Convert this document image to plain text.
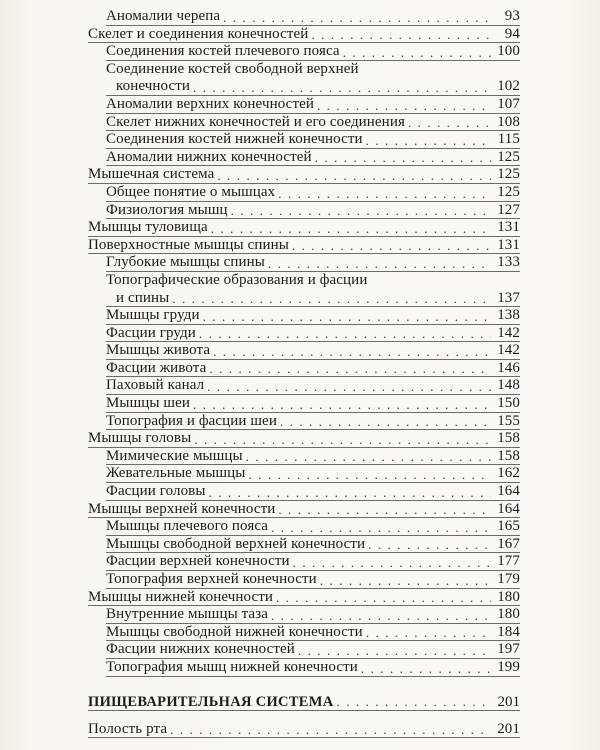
Аномалии черепа . . .	93
Скелет и соединения конечностей . . .	94
Соединения костей плечевого пояса . . .	100
Соединение костей свободной верхней
конечности . . .	102
Аномалии верхних конечностей . . .	107
Скелет нижних конечностей и его соединения . . .	108
Соединения костей нижней конечности . . .	115
Аномалии нижних конечностей . . .	125
Мышечная система . . .	125
Общее понятие о мышцах . . .	125
Физиология мышц . . .	127
Мышцы туловища . . .	131
Поверхностные мышцы спины . . .	131
Глубокие мышцы спины . . .	133
Топографические образования и фасции
и спины . . .	137
Мышцы груди . . .	138
Фасции груди . . .	142
Мышцы живота . . .	142
Фасции живота . . .	146
Паховый канал . . .	148
Мышцы шеи . . .	150
Топография и фасции шеи . . .	155
Мышцы головы . . .	158
Мимические мышцы . . .	158
Жевательные мышцы . . .	162
Фасции головы . . .	164
Мышцы верхней конечности . . .	164
Мышцы плечевого пояса . . .	165
Мышцы свободной верхней конечности . . .	167
Фасции верхней конечности . . .	177
Топография верхней конечности . . .	179
Мышцы нижней конечности . . .	180
Внутренние мышцы таза . . .	180
Мышцы свободной нижней конечности . . .	184
Фасции нижних конечностей . . .	197
Топография мышц нижней конечности . . .	199
ПИЩЕВАРИТЕЛЬНАЯ СИСТЕМА . . .	201
Полость рта . . .	201
